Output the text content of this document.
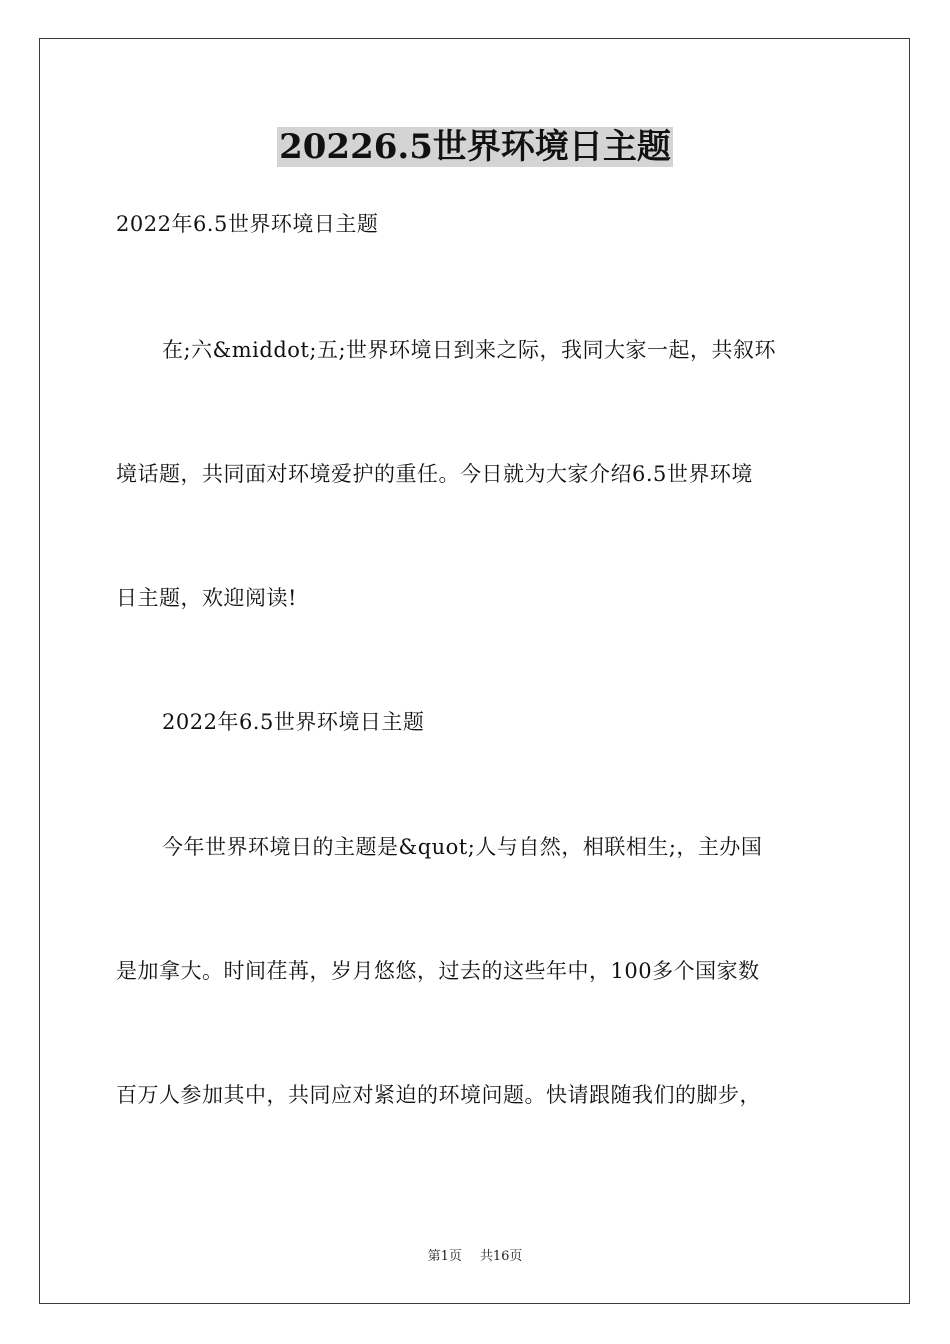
20226.5世界环境日主题
2022年6.5世界环境日主题
在;六&middot;五;世界环境日到来之际，我同大家一起，共叙环
境话题，共同面对环境爱护的重任。今日就为大家介绍6.5世界环境
日主题，欢迎阅读!
2022年6.5世界环境日主题
今年世界环境日的主题是&quot;人与自然，相联相生;，主办国
是加拿大。时间荏苒，岁月悠悠，过去的这些年中，100多个国家数
百万人参加其中，共同应对紧迫的环境问题。快请跟随我们的脚步，
第1页 共16页
